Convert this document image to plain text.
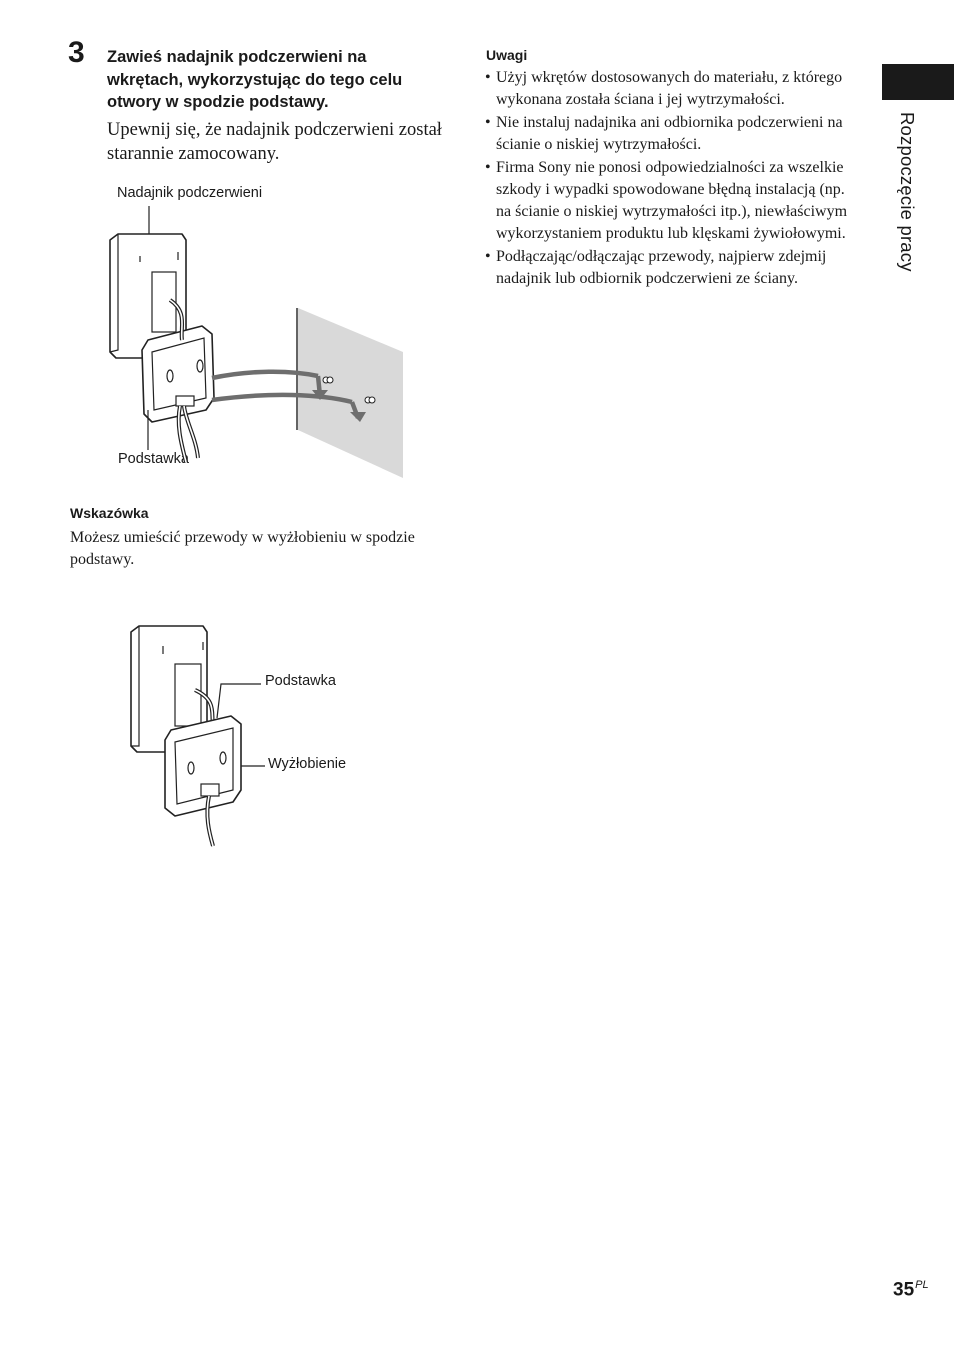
3 Zawieś nadajnik podczerwieni na wkrętach, wykorzystując do tego celu otwory w spodzie podstawy.
Upewnij się, że nadajnik podczerwieni został starannie zamocowany.
Nadajnik podczerwieni
Podstawka
Wskazówka
Możesz umieścić przewody w wyżłobieniu w spodzie podstawy.
Podstawka
Wyżłobienie
Uwagi
• Użyj wkrętów dostosowanych do materiału, z którego wykonana została ściana i jej wytrzymałości.
• Nie instaluj nadajnika ani odbiornika podczerwieni na ścianie o niskiej wytrzymałości.
• Firma Sony nie ponosi odpowiedzialności za wszelkie szkody i wypadki spowodowane błędną instalacją (np. na ścianie o niskiej wytrzymałości itp.), niewłaściwym wykorzystaniem produktu lub klęskami żywiołowymi.
• Podłączając/odłączając przewody, najpierw zdejmij nadajnik lub odbiornik podczerwieni ze ściany.
Rozpoczęcie pracy
$35^{PL}$
